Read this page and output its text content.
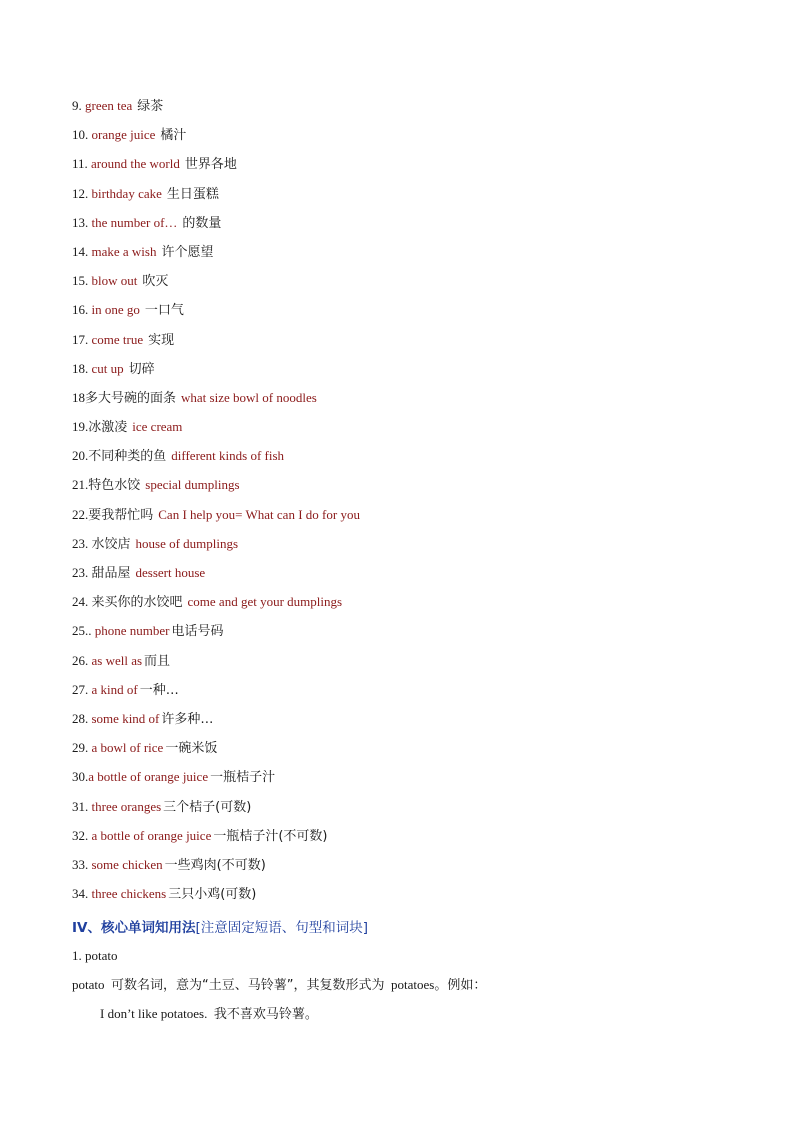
9. green tea 绿茶
10. orange juice 橘汁
11. around the world 世界各地
12. birthday cake 生日蛋糕
13. the number of… 的数量
14. make a wish 许个愿望
15. blow out 吹灭
16. in one go 一口气
17. come true 实现
18. cut up 切碎
18多大号碗的面条 what size bowl of noodles
19.冰激凌 ice cream
20.不同种类的鱼 different kinds of fish
21.特色水饺 special dumplings
22.要我帮忙吗 Can I help you= What can I do for you
23. 水饺店 house of dumplings
23. 甜品屋 dessert house
24. 来买你的水饺吧 come and get your dumplings
25.. phone number 电话号码
26. as well as 而且
27. a kind of 一种…
28. some kind of 许多种…
29. a bowl of rice 一碗米饭
30.a bottle of orange juice 一瓶桔子汁
31. three oranges 三个桔子(可数)
32. a bottle of orange juice 一瓶桔子汁(不可数)
33. some chicken 一些鸡肉(不可数)
34. three chickens 三只小鸡(可数)
IV、核心单词知用法[注意固定短语、句型和词块]
1. potato
potato 可数名词，意为“土豆、马铃薯”，其复数形式为 potatoes。例如：
I don’t like potatoes. 我不喜欢马铃薯。
